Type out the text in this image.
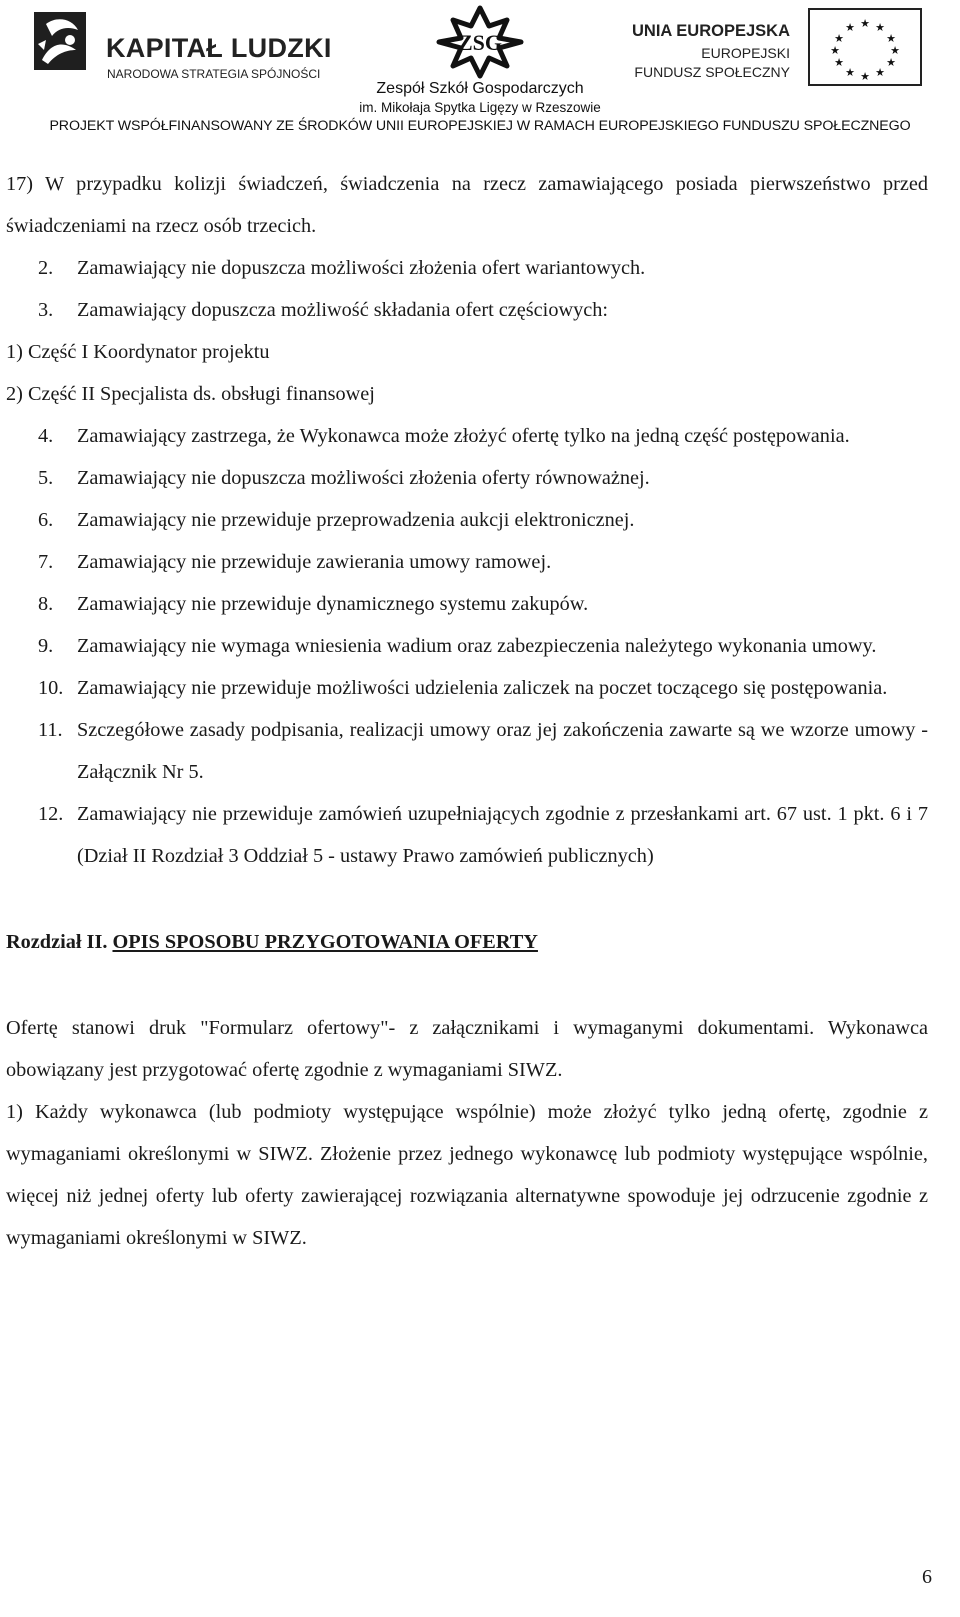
KAPITAŁ LUDZKI
NARODOWA STRATEGIA SPÓJNOŚCI
ZSG
Zespół Szkół Gospodarczych
im. Mikołaja Spytka Ligęzy w Rzeszowie
UNIA EUROPEJSKA
EUROPEJSKI
FUNDUSZ SPOŁECZNY
★ ★
★
★
★
★
★
★
★
★
★
★
PROJEKT WSPÓŁFINANSOWANY ZE ŚRODKÓW UNII EUROPEJSKIEJ W RAMACH EUROPEJSKIEGO FUNDUSZU SPOŁECZNEGO

17) W przypadku kolizji świadczeń, świadczenia na rzecz zamawiającego posiada pierwszeństwo przed świadczeniami na rzecz osób trzecich.

2. Zamawiający nie dopuszcza możliwości złożenia ofert wariantowych.

3. Zamawiający dopuszcza możliwość składania ofert częściowych:

1) Część I Koordynator projektu

2) Część II Specjalista ds. obsługi finansowej

4. Zamawiający zastrzega, że Wykonawca może złożyć ofertę tylko na jedną część postępowania.

5. Zamawiający nie dopuszcza możliwości złożenia oferty równoważnej.

6. Zamawiający nie przewiduje przeprowadzenia aukcji elektronicznej.

7. Zamawiający nie przewiduje zawierania umowy ramowej.

8. Zamawiający nie przewiduje dynamicznego systemu zakupów.

9. Zamawiający nie wymaga wniesienia wadium oraz zabezpieczenia należytego wykonania umowy.

10. Zamawiający nie przewiduje możliwości udzielenia zaliczek na poczet toczącego się postępowania.

11. Szczegółowe zasady podpisania, realizacji umowy oraz jej zakończenia zawarte są we wzorze umowy - Załącznik Nr 5.

12. Zamawiający nie przewiduje zamówień uzupełniających zgodnie z przesłankami art. 67 ust. 1 pkt. 6 i 7 (Dział II Rozdział 3 Oddział 5 - ustawy Prawo zamówień publicznych)

Rozdział II. OPIS SPOSOBU PRZYGOTOWANIA OFERTY

Ofertę stanowi druk "Formularz ofertowy"- z załącznikami i wymaganymi dokumentami. Wykonawca obowiązany jest przygotować ofertę zgodnie z wymaganiami SIWZ.

1) Każdy wykonawca (lub podmioty występujące wspólnie) może złożyć tylko jedną ofertę, zgodnie z wymaganiami określonymi w SIWZ. Złożenie przez jednego wykonawcę lub podmioty występujące wspólnie, więcej niż jednej oferty lub oferty zawierającej rozwiązania alternatywne spowoduje jej odrzucenie zgodnie z wymaganiami określonymi w SIWZ.

6
